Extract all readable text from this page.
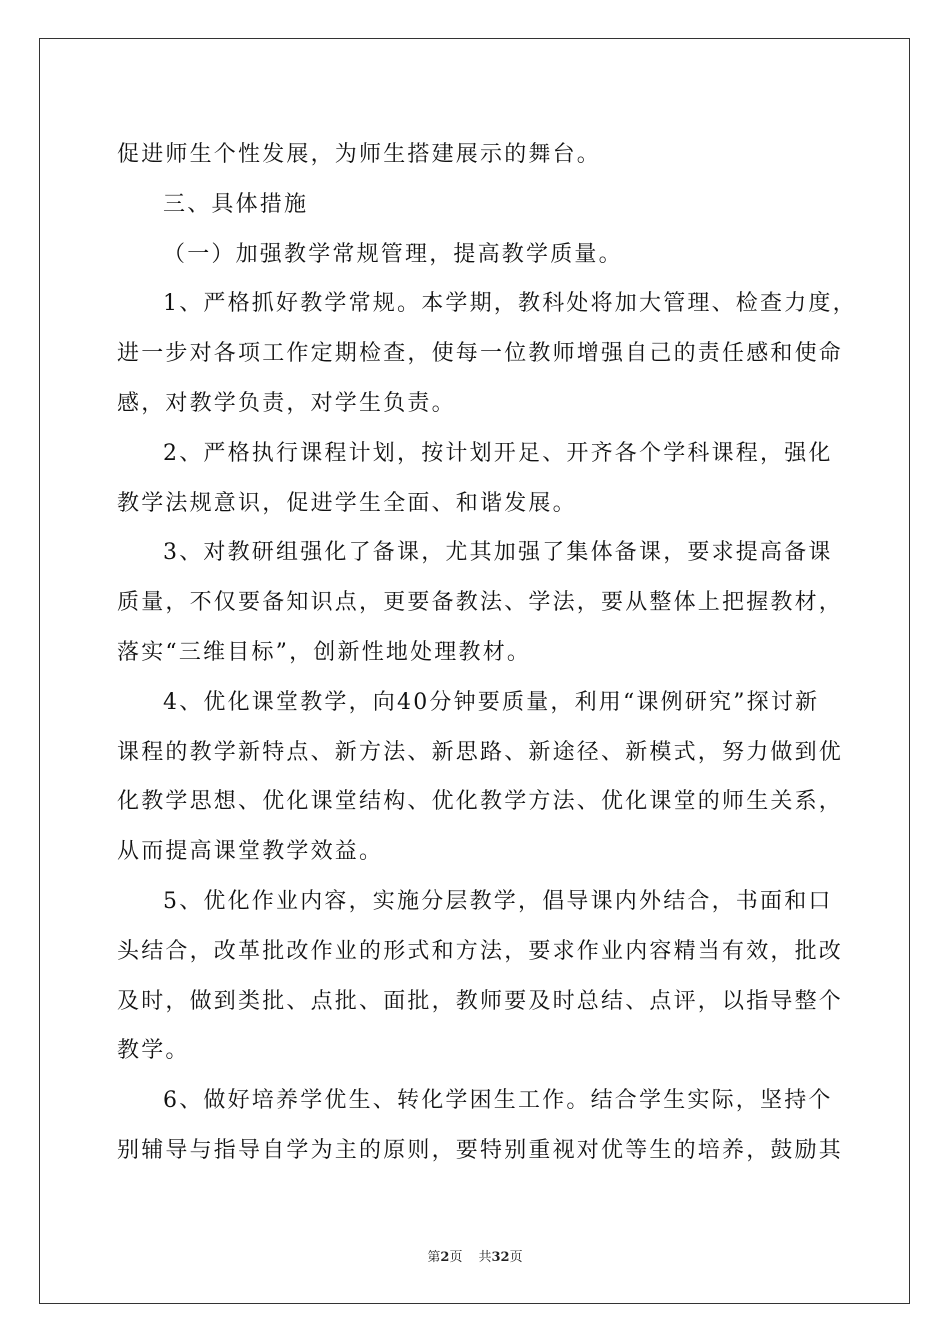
促进师生个性发展，为师生搭建展示的舞台。

三、具体措施

（一）加强教学常规管理，提高教学质量。

1、严格抓好教学常规。本学期，教科处将加大管理、检查力度，

进一步对各项工作定期检查，使每一位教师增强自己的责任感和使命

感，对教学负责，对学生负责。

2、严格执行课程计划，按计划开足、开齐各个学科课程，强化

教学法规意识，促进学生全面、和谐发展。

3、对教研组强化了备课，尤其加强了集体备课，要求提高备课

质量，不仅要备知识点，更要备教法、学法，要从整体上把握教材，

落实“三维目标”，创新性地处理教材。

4、优化课堂教学，向40分钟要质量，利用“课例研究”探讨新

课程的教学新特点、新方法、新思路、新途径、新模式，努力做到优

化教学思想、优化课堂结构、优化教学方法、优化课堂的师生关系，

从而提高课堂教学效益。

5、优化作业内容，实施分层教学，倡导课内外结合，书面和口

头结合，改革批改作业的形式和方法，要求作业内容精当有效，批改

及时，做到类批、点批、面批，教师要及时总结、点评，以指导整个

教学。

6、做好培养学优生、转化学困生工作。结合学生实际，坚持个

别辅导与指导自学为主的原则，要特别重视对优等生的培养，鼓励其

第2页 共32页
